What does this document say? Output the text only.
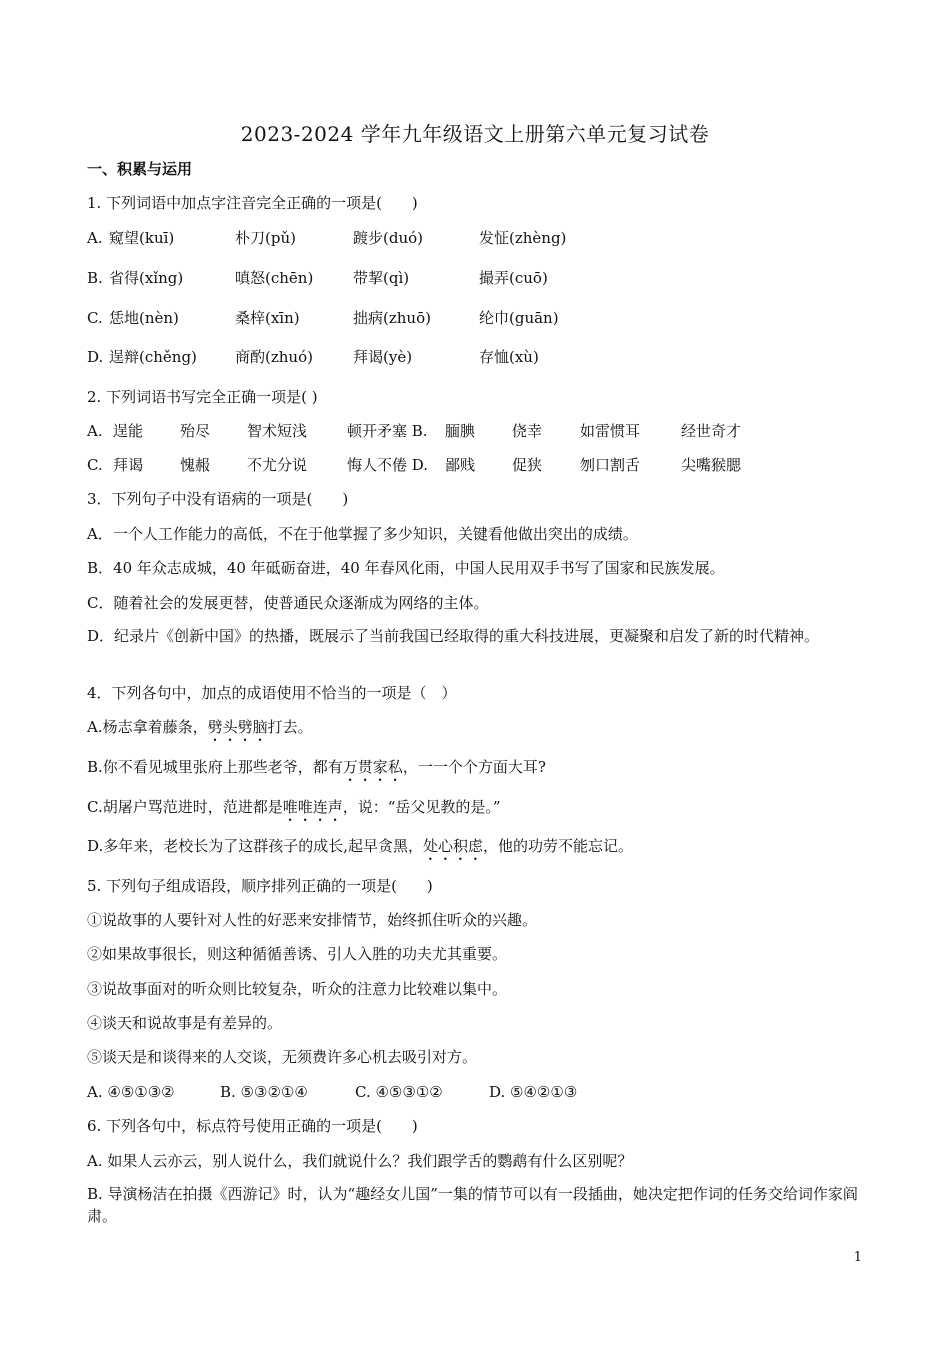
2023-2024 学年九年级语文上册第六单元复习试卷
一、积累与运用
1. 下列词语中加点字注音完全正确的一项是(　　)
A. 窥望(kuī)	朴刀(pǔ)	踱步(duó)	发怔(zhèng)
B. 省得(xǐng)	嗔怒(chēn)	带挈(qì)	撮弄(cuō)
C. 恁地(nèn)	桑梓(xīn)	拙病(zhuō)	纶巾(guān)
D. 逞辩(chěng)	商酌(zhuó)	拜谒(yè)	存恤(xù)
2. 下列词语书写完全正确一项是( )
A. 逞能 殆尽 智术短浅	顿开矛塞 B. 腼腆 侥幸	如雷惯耳	经世奇才
C. 拜谒 愧赧 不尤分说	悔人不倦 D. 鄙贱 促狭	刎口割舌	尖嘴猴腮
3．下列句子中没有语病的一项是(　　)
A．一个人工作能力的高低，不在于他掌握了多少知识，关键看他做出突出的成绩。
B．40 年众志成城，40 年砥砺奋进，40 年春风化雨，中国人民用双手书写了国家和民族发展。
C．随着社会的发展更替，使普通民众逐渐成为网络的主体。
D．纪录片《创新中国》的热播，既展示了当前我国已经取得的重大科技进展，更凝聚和启发了新的时代精神。
4．下列各句中，加点的成语使用不恰当的一项是（　）
A.杨志拿着藤条，劈头劈脑打去。
B.你不看见城里张府上那些老爷，都有万贯家私，一一个个方面大耳?
C.胡屠户骂范进时，范进都是唯唯连声，说：“岳父见教的是。”
D.多年来，老校长为了这群孩子的成长,起早贪黑，处心积虑，他的功劳不能忘记。
5. 下列句子组成语段，顺序排列正确的一项是(　　)
①说故事的人要针对人性的好恶来安排情节，始终抓住听众的兴趣。
②如果故事很长，则这种循循善诱、引人入胜的功夫尤其重要。
③说故事面对的听众则比较复杂，听众的注意力比较难以集中。
④谈天和说故事是有差异的。
⑤谈天是和谈得来的人交谈，无须费许多心机去吸引对方。
A. ④⑤①③②	B. ⑤③②①④	C. ④⑤③①②	D. ⑤④②①③
6. 下列各句中，标点符号使用正确的一项是(　　)
A. 如果人云亦云，别人说什么，我们就说什么？我们跟学舌的鹦鹉有什么区别呢？
B. 导演杨洁在拍摄《西游记》时，认为“趣经女儿国”一集的情节可以有一段插曲，她决定把作词的任务交给词作家阎肃。
1
